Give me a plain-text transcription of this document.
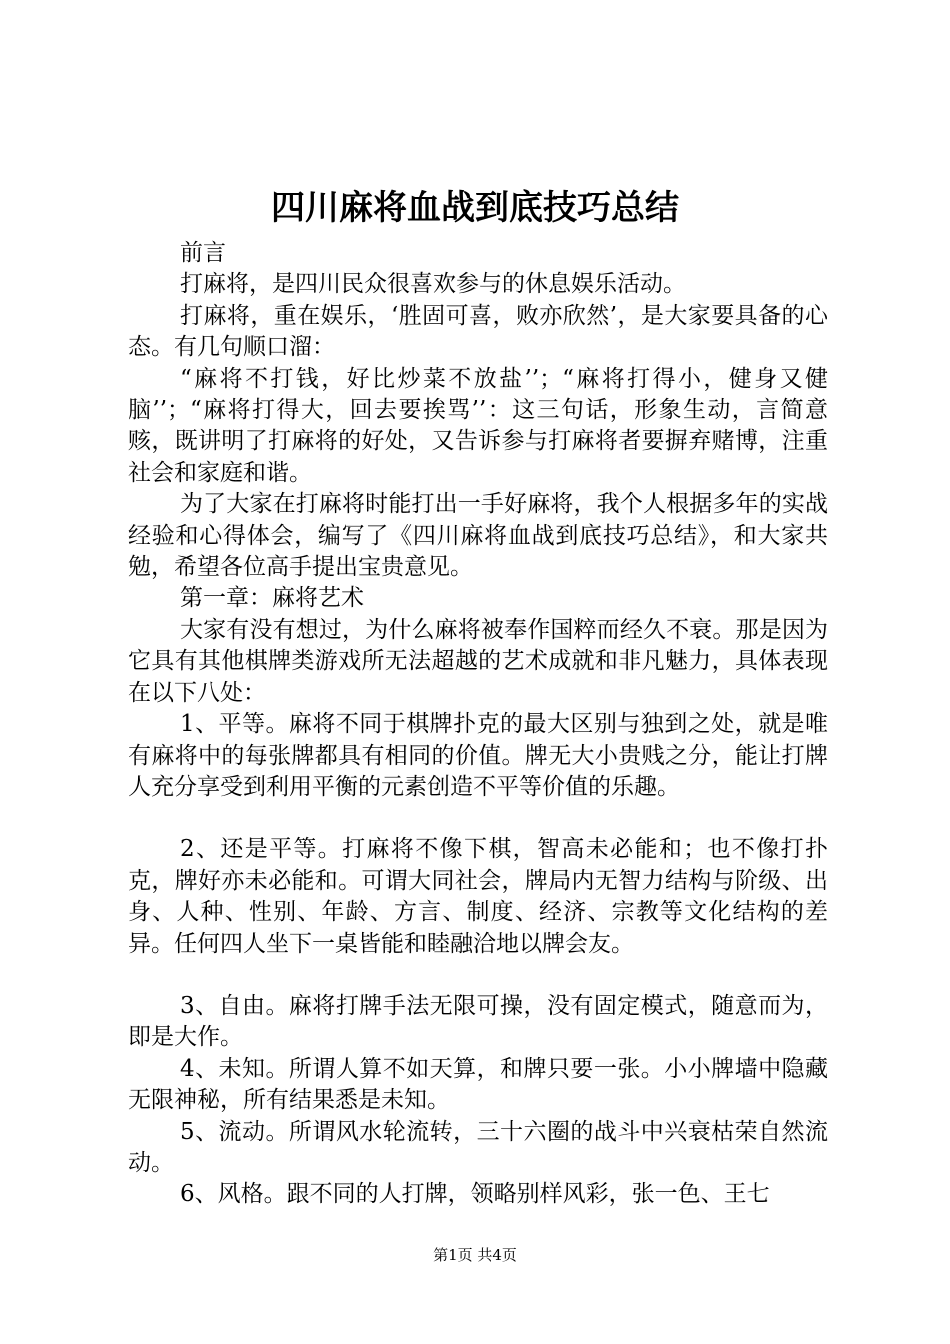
四川麻将血战到底技巧总结

前言

打麻将，是四川民众很喜欢参与的休息娱乐活动。

打麻将，重在娱乐，‘胜固可喜，败亦欣然’，是大家要具备的心态。有几句顺口溜：

“麻将不打钱，好比炒菜不放盐’’；“麻将打得小，健身又健脑’’；“麻将打得大，回去要挨骂’’：这三句话，形象生动，言简意赅，既讲明了打麻将的好处，又告诉参与打麻将者要摒弃赌博，注重社会和家庭和谐。

为了大家在打麻将时能打出一手好麻将，我个人根据多年的实战经验和心得体会，编写了《四川麻将血战到底技巧总结》，和大家共勉，希望各位高手提出宝贵意见。

第一章：麻将艺术

大家有没有想过，为什么麻将被奉作国粹而经久不衰。那是因为它具有其他棋牌类游戏所无法超越的艺术成就和非凡魅力，具体表现在以下八处：

1、平等。麻将不同于棋牌扑克的最大区别与独到之处，就是唯有麻将中的每张牌都具有相同的价值。牌无大小贵贱之分，能让打牌人充分享受到利用平衡的元素创造不平等价值的乐趣。

2、还是平等。打麻将不像下棋，智高未必能和；也不像打扑克，牌好亦未必能和。可谓大同社会，牌局内无智力结构与阶级、出身、人种、性别、年龄、方言、制度、经济、宗教等文化结构的差异。任何四人坐下一桌皆能和睦融洽地以牌会友。

3、自由。麻将打牌手法无限可操，没有固定模式，随意而为，即是大作。

4、未知。所谓人算不如天算，和牌只要一张。小小牌墙中隐藏无限神秘，所有结果悉是未知。

5、流动。所谓风水轮流转，三十六圈的战斗中兴衰枯荣自然流动。

6、风格。跟不同的人打牌，领略别样风彩，张一色、王七

第1页 共4页
